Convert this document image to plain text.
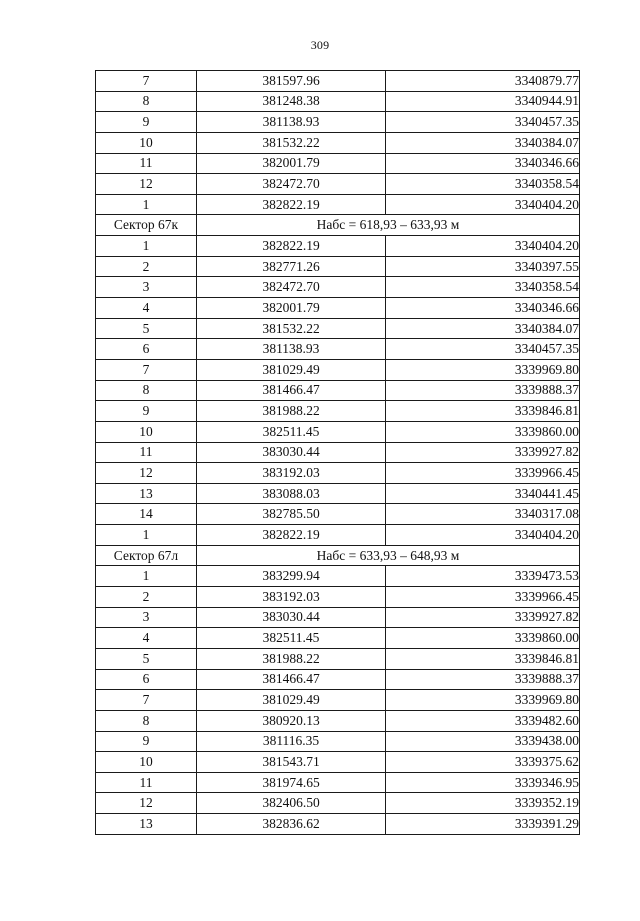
309
7	381597.96	3340879.77
8	381248.38	3340944.91
9	381138.93	3340457.35
10	381532.22	3340384.07
11	382001.79	3340346.66
12	382472.70	3340358.54
1	382822.19	3340404.20
Сектор 67к	Набс = 618,93 – 633,93 м	
1	382822.19	3340404.20
2	382771.26	3340397.55
3	382472.70	3340358.54
4	382001.79	3340346.66
5	381532.22	3340384.07
6	381138.93	3340457.35
7	381029.49	3339969.80
8	381466.47	3339888.37
9	381988.22	3339846.81
10	382511.45	3339860.00
11	383030.44	3339927.82
12	383192.03	3339966.45
13	383088.03	3340441.45
14	382785.50	3340317.08
1	382822.19	3340404.20
Сектор 67л	Набс = 633,93 – 648,93 м	
1	383299.94	3339473.53
2	383192.03	3339966.45
3	383030.44	3339927.82
4	382511.45	3339860.00
5	381988.22	3339846.81
6	381466.47	3339888.37
7	381029.49	3339969.80
8	380920.13	3339482.60
9	381116.35	3339438.00
10	381543.71	3339375.62
11	381974.65	3339346.95
12	382406.50	3339352.19
13	382836.62	3339391.29
